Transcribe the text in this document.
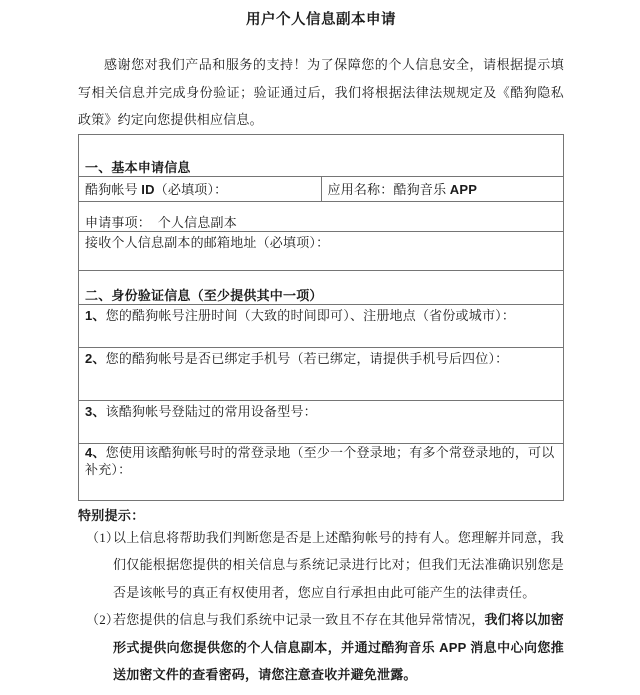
用户个人信息副本申请

感谢您对我们产品和服务的支持！为了保障您的个人信息安全，请根据提示填写相关信息并完成身份验证；验证通过后，我们将根据法律法规规定及《酷狗隐私政策》约定向您提供相应信息。

一、基本申请信息
酷狗帐号 ID（必填项）：	应用名称：酷狗音乐 APP
申请事项：　个人信息副本
接收个人信息副本的邮箱地址（必填项）：
二、身份验证信息（至少提供其中一项）
1、您的酷狗帐号注册时间（大致的时间即可）、注册地点（省份或城市）：
2、您的酷狗帐号是否已绑定手机号（若已绑定，请提供手机号后四位）：
3、该酷狗帐号登陆过的常用设备型号：
4、您使用该酷狗帐号时的常登录地（至少一个登录地；有多个常登录地的，可以补充）：
特别提示：
（1）
以上信息将帮助我们判断您是否是上述酷狗帐号的持有人。您理解并同意，我们仅能根据您提供的相关信息与系统记录进行比对；但我们无法准确识别您是否是该帐号的真正有权使用者，您应自行承担由此可能产生的法律责任。
（2）
若您提供的信息与我们系统中记录一致且不存在其他异常情况，我们将以加密形式提供向您提供您的个人信息副本，并通过酷狗音乐 APP 消息中心向您推送加密文件的查看密码，请您注意查收并避免泄露。
